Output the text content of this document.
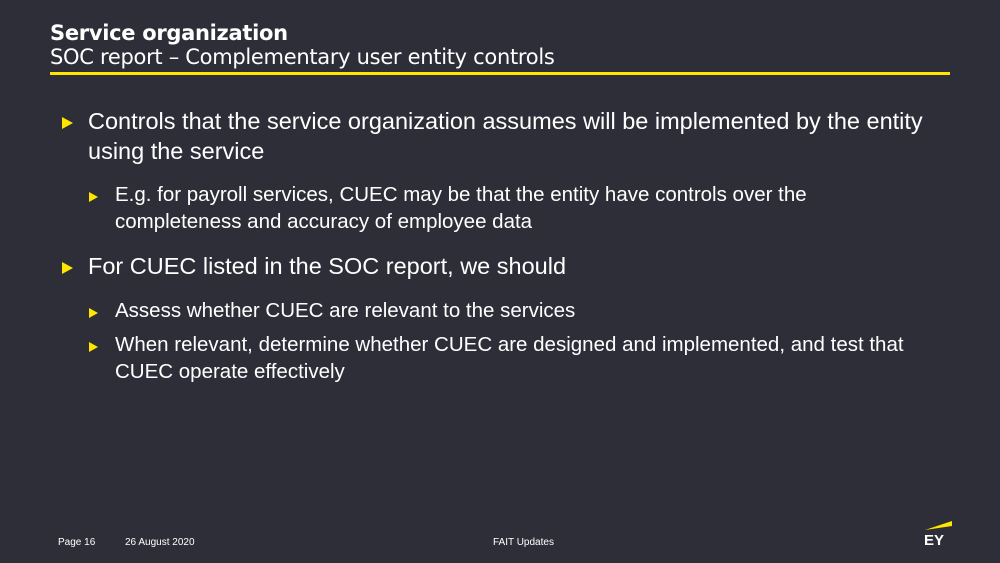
Service organization
SOC report – Complementary user entity controls
Controls that the service organization assumes will be implemented by the entity using the service
E.g. for payroll services, CUEC may be that the entity have controls over the completeness and accuracy of employee data
For CUEC listed in the SOC report, we should
Assess whether CUEC are relevant to the services
When relevant, determine whether CUEC are designed and implemented, and test that CUEC operate effectively
Page 16	26 August 2020	FAIT Updates	EY
